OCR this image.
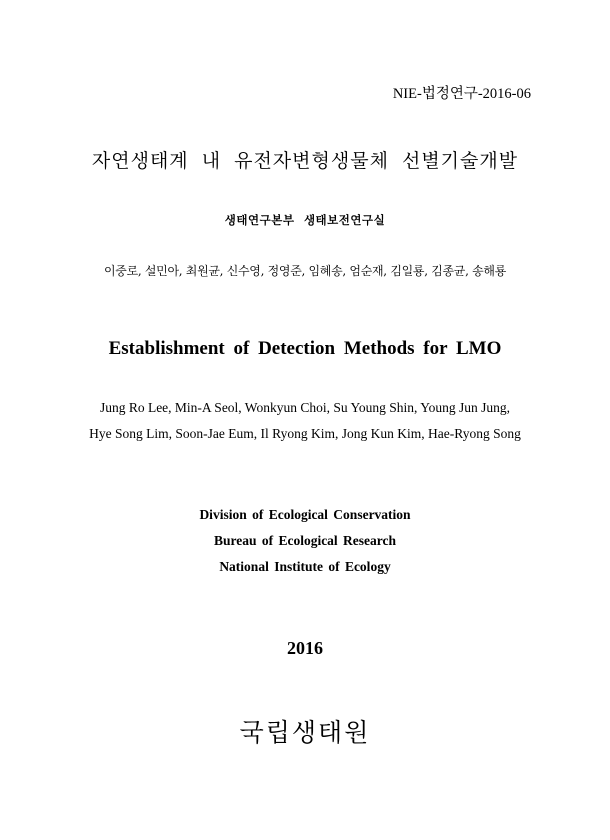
NIE-법정연구-2016-06
자연생태계 내 유전자변형생물체 선별기술개발
생태연구본부 생태보전연구실
이중로, 설민아, 최원균, 신수영, 정영준, 임혜송, 엄순재, 김일룡, 김종균, 송해룡
Establishment of Detection Methods for LMO
Jung Ro Lee, Min-A Seol, Wonkyun Choi, Su Young Shin, Young Jun Jung,
Hye Song Lim, Soon-Jae Eum, Il Ryong Kim, Jong Kun Kim, Hae-Ryong Song
Division of Ecological Conservation
Bureau of Ecological Research
National Institute of Ecology
2016
국립생태원
